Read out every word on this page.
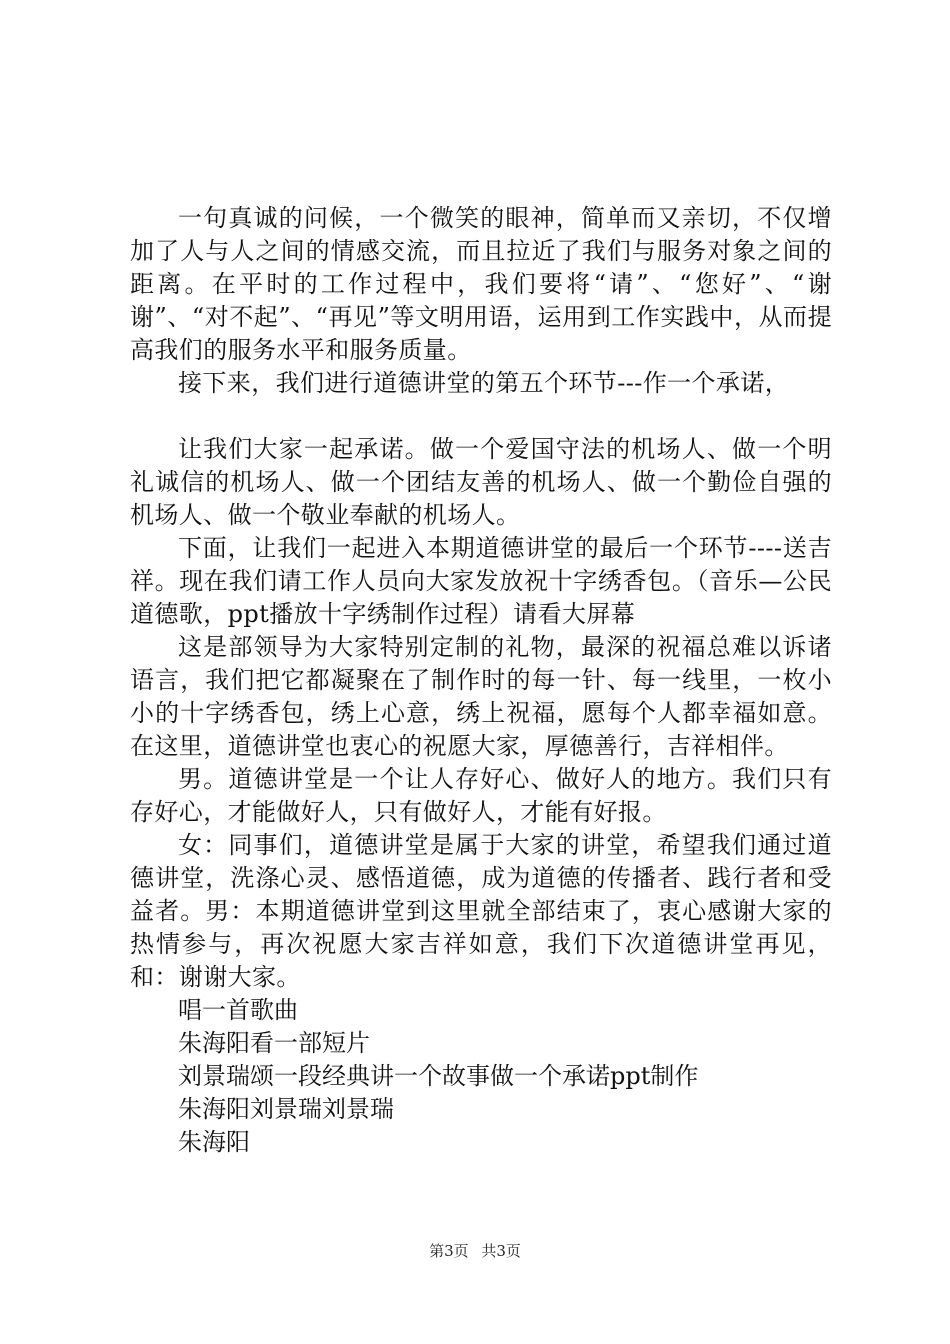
一句真诚的问候，一个微笑的眼神，简单而又亲切，不仅增加了人与人之间的情感交流，而且拉近了我们与服务对象之间的距离。在平时的工作过程中，我们要将“请”、“您好”、“谢谢”、“对不起”、“再见”等文明用语，运用到工作实践中，从而提高我们的服务水平和服务质量。

接下来，我们进行道德讲堂的第五个环节---作一个承诺，

让我们大家一起承诺。做一个爱国守法的机场人、做一个明礼诚信的机场人、做一个团结友善的机场人、做一个勤俭自强的机场人、做一个敬业奉献的机场人。

下面，让我们一起进入本期道德讲堂的最后一个环节----送吉祥。现在我们请工作人员向大家发放祝十字绣香包。（音乐—公民道德歌，ppt播放十字绣制作过程）请看大屏幕

这是部领导为大家特别定制的礼物，最深的祝福总难以诉诸语言，我们把它都凝聚在了制作时的每一针、每一线里，一枚小小的十字绣香包，绣上心意，绣上祝福，愿每个人都幸福如意。在这里，道德讲堂也衷心的祝愿大家，厚德善行，吉祥相伴。

男。道德讲堂是一个让人存好心、做好人的地方。我们只有存好心，才能做好人，只有做好人，才能有好报。

女：同事们，道德讲堂是属于大家的讲堂，希望我们通过道德讲堂，洗涤心灵、感悟道德，成为道德的传播者、践行者和受益者。男：本期道德讲堂到这里就全部结束了，衷心感谢大家的热情参与，再次祝愿大家吉祥如意，我们下次道德讲堂再见，和：谢谢大家。

唱一首歌曲

朱海阳看一部短片

刘景瑞颂一段经典讲一个故事做一个承诺ppt制作

朱海阳刘景瑞刘景瑞

朱海阳

第3页 共3页
